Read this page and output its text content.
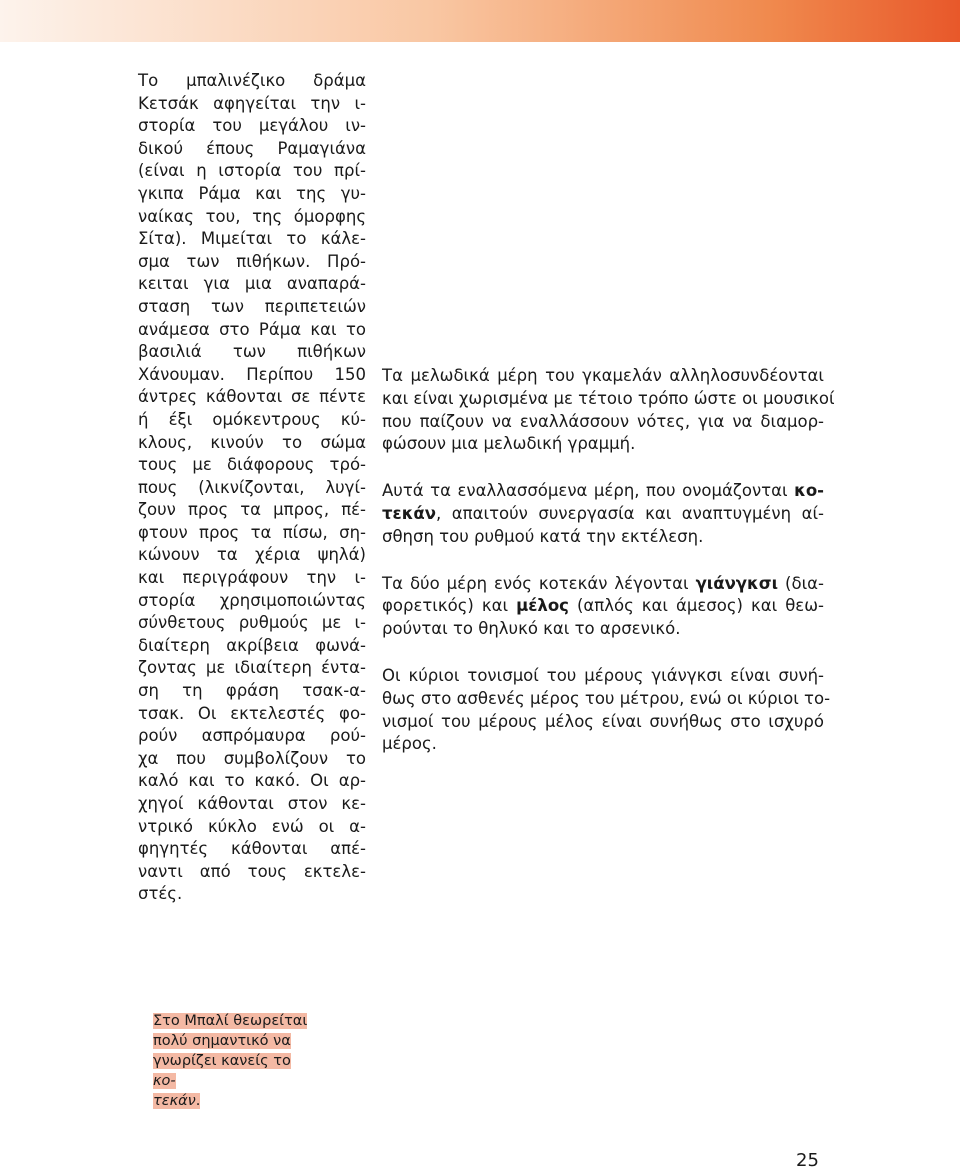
Το μπαλινέζικο δράμα
Κετσάκ αφηγείται την ι-
στορία του μεγάλου ιν-
δικού έπους Ραμαγιάνα
(είναι η ιστορία του πρί-
γκιπα Ράμα και της γυ-
ναίκας του, της όμορφης
Σίτα). Μιμείται το κάλε-
σμα των πιθήκων. Πρό-
κειται για μια αναπαρά-
σταση των περιπετειών
ανάμεσα στο Ράμα και το
βασιλιά των πιθήκων
Χάνουμαν. Περίπου 150
άντρες κάθονται σε πέντε
ή έξι ομόκεντρους κύ-
κλους, κινούν το σώμα
τους με διάφορους τρό-
πους (λικνίζονται, λυγί-
ζουν προς τα μπρος, πέ-
φτουν προς τα πίσω, ση-
κώνουν τα χέρια ψηλά)
και περιγράφουν την ι-
στορία χρησιμοποιώντας
σύνθετους ρυθμούς με ι-
διαίτερη ακρίβεια φωνά-
ζοντας με ιδιαίτερη έντα-
ση τη φράση τσακ-α-
τσακ. Οι εκτελεστές φο-
ρούν ασπρόμαυρα ρού-
χα που συμβολίζουν το
καλό και το κακό. Οι αρ-
χηγοί κάθονται στον κε-
ντρικό κύκλο ενώ οι α-
φηγητές κάθονται απέ-
ναντι από τους εκτελε-
στές.

Τα μελωδικά μέρη του γκαμελάν αλληλοσυνδέονται
και είναι χωρισμένα με τέτοιο τρόπο ώστε οι μουσικοί
που παίζουν να εναλλάσσουν νότες, για να διαμορ-
φώσουν μια μελωδική γραμμή.

Αυτά τα εναλλασσόμενα μέρη, που ονομάζονται κο-
τεκάν, απαιτούν συνεργασία και αναπτυγμένη αί-
σθηση του ρυθμού κατά την εκτέλεση.

Τα δύο μέρη ενός κοτεκάν λέγονται γιάνγκσι (δια-
φορετικός) και μέλος (απλός και άμεσος) και θεω-
ρούνται το θηλυκό και το αρσενικό.

Οι κύριοι τονισμοί του μέρους γιάνγκσι είναι συνή-
θως στο ασθενές μέρος του μέτρου, ενώ οι κύριοι το-
νισμοί του μέρους μέλος είναι συνήθως στο ισχυρό
μέρος.

Στο Μπαλί θεωρείται
πολύ σημαντικό να
γνωρίζει κανείς το κο-
τεκάν.
25
